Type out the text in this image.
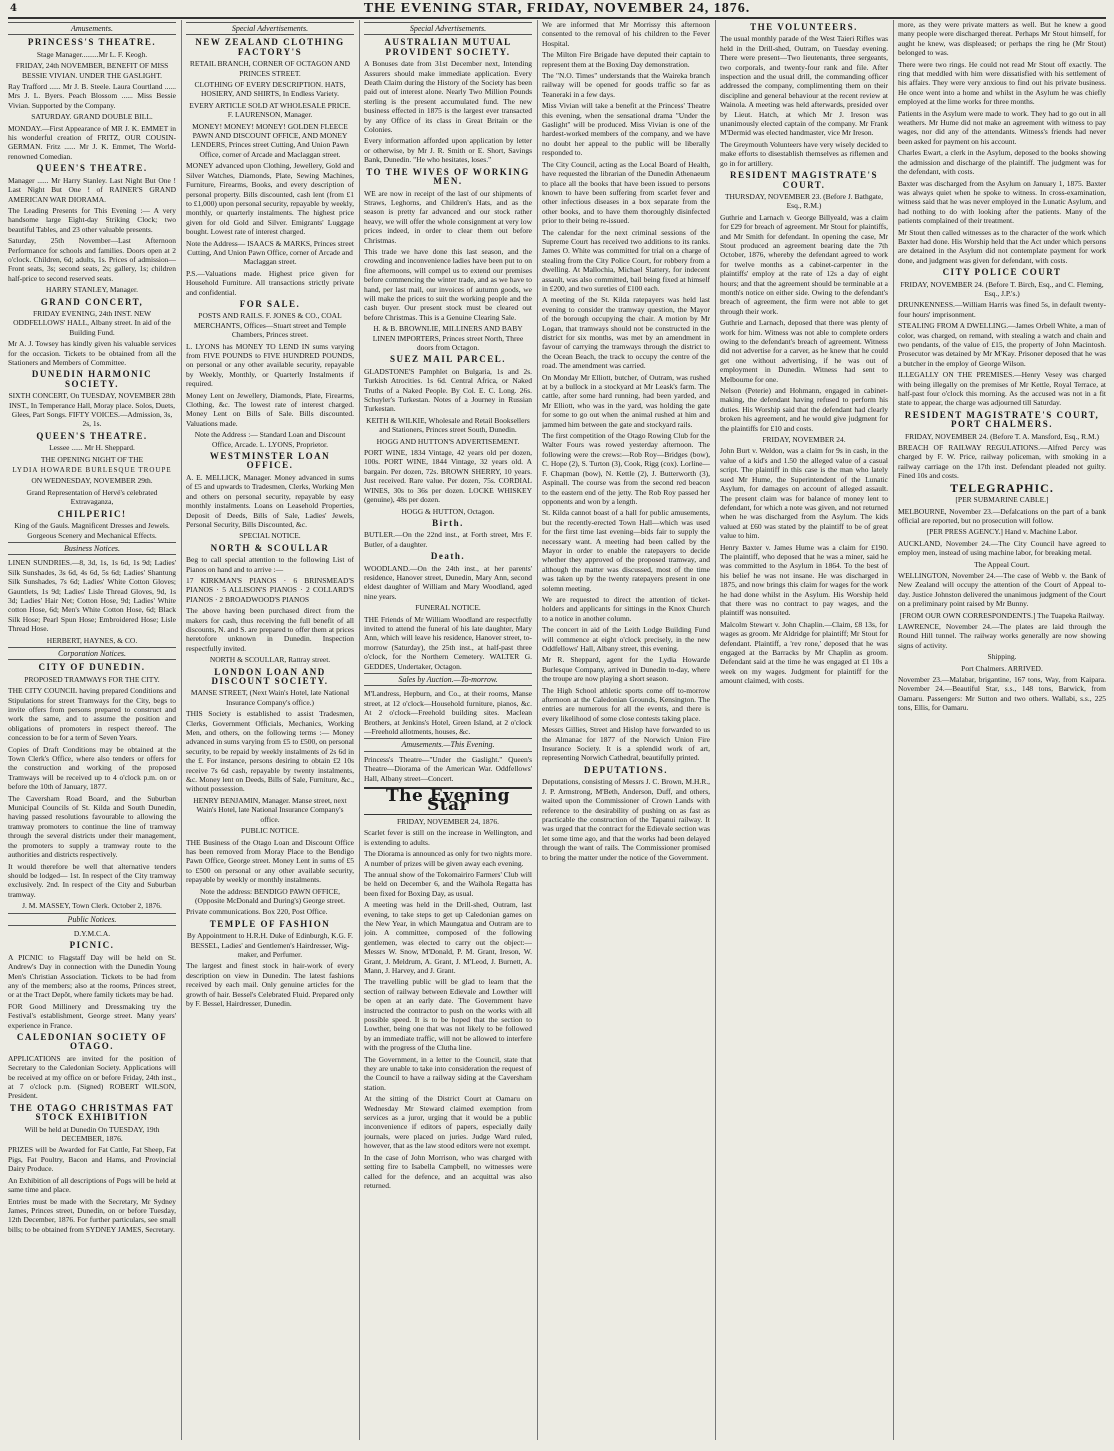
4	THE EVENING STAR, FRIDAY, NOVEMBER 24, 1876.

Amusements.

PRINCESS'S THEATRE.

Stage Manager.........Mr L. F. Keogh.

FRIDAY, 24th NOVEMBER, BENEFIT OF MISS BESSIE VIVIAN. UNDER THE GASLIGHT.

Ray Trafford ...... Mr J. B. Steele. Laura Courtland ...... Mrs J. L. Byers. Peach Blossom ...... Miss Bessie Vivian. Supported by the Company.

SATURDAY. GRAND DOUBLE BILL.

MONDAY.—First Appearance of MR J. K. EMMET in his wonderful creation of FRITZ, OUR COUSIN-GERMAN. Fritz ...... Mr J. K. Emmet, The World-renowned Comedian.

QUEEN'S THEATRE.

Manager ...... Mr Harry Stanley. Last Night But One ! Last Night But One ! of RAINER'S GRAND AMERICAN WAR DIORAMA.

The Leading Presents for This Evening :— A very handsome large Eight-day Striking Clock; two beautiful Tables, and 23 other valuable presents.

Saturday, 25th November—Last Afternoon Performance for schools and families. Doors open at 2 o'clock. Children, 6d; adults, 1s. Prices of admission—Front seats, 3s; second seats, 2s; gallery, 1s; children half-price to second reserved seats.

HARRY STANLEY, Manager.

GRAND CONCERT,

FRIDAY EVENING, 24th INST. NEW ODDFELLOWS' HALL, Albany street. In aid of the Building Fund.

Mr A. J. Towsey has kindly given his valuable services for the occasion. Tickets to be obtained from all the Stationers and Members of Committee.

DUNEDIN HARMONIC SOCIETY.

SIXTH CONCERT, On TUESDAY, NOVEMBER 28th INST., In Temperance Hall, Moray place. Solos, Duets, Glees, Part Songs. FIFTY VOICES.—Admission, 3s, 2s, 1s.

QUEEN'S THEATRE.

Lessee ...... Mr H. Sheppard.

THE OPENING NIGHT OF THE

LYDIA HOWARDE BURLESQUE TROUPE

ON WEDNESDAY, NOVEMBER 29th.

Grand Representation of Hervé's celebrated Extravaganza,

CHILPERIC!

King of the Gauls. Magnificent Dresses and Jewels. Gorgeous Scenery and Mechanical Effects.

Business Notices.

LINEN SUNDRIES.—8, 3d, 1s, 1s 6d, 1s 9d; Ladies' Silk Sunshades, 3s 6d, 4s 6d, 5s 6d; Ladies' Shantung Silk Sunshades, 7s 6d; Ladies' White Cotton Gloves; Gauntlets, 1s 9d; Ladies' Lisle Thread Gloves, 9d, 1s 3d; Ladies' Hair Net; Cotton Hose, 9d; Ladies' White cotton Hose, 6d; Men's White Cotton Hose, 6d; Black Silk Hose; Pearl Spun Hose; Embroidered Hose; Lisle Thread Hose.

HERBERT, HAYNES, & CO.

Corporation Notices.

CITY OF DUNEDIN.

PROPOSED TRAMWAYS FOR THE CITY.

THE CITY COUNCIL having prepared Conditions and Stipulations for street Tramways for the City, begs to invite offers from persons prepared to construct and work the same, and to assume the position and obligations of promoters in respect thereof. The concession to be for a term of Seven Years.

Copies of Draft Conditions may be obtained at the Town Clerk's Office, where also tenders or offers for the construction and working of the proposed Tramways will be received up to 4 o'clock p.m. on or before the 10th of January, 1877.

The Caversham Road Board, and the Suburban Municipal Councils of St. Kilda and South Dunedin, having passed resolutions favourable to allowing the tramway promoters to continue the line of tramway through the several districts under their management, the promoters to supply a tramway route to the authorities and districts respectively.

It would therefore be well that alternative tenders should be lodged— 1st. In respect of the City tramway exclusively. 2nd. In respect of the City and Suburban tramway.

J. M. MASSEY, Town Clerk. October 2, 1876.

Public Notices.

D.Y.M.C.A.

PICNIC.

A PICNIC to Flagstaff Day will be held on St. Andrew's Day in connection with the Dunedin Young Men's Christian Association. Tickets to be had from any of the members; also at the rooms, Princes street, or at the Tract Depôt, where family tickets may be had.

FOR Good Millinery and Dressmaking try the Festival's establishment, George street. Many years' experience in France.

CALEDONIAN SOCIETY OF OTAGO.

APPLICATIONS are invited for the position of Secretary to the Caledonian Society. Applications will be received at my office on or before Friday, 24th inst., at 7 o'clock p.m. (Signed) ROBERT WILSON, President.

THE OTAGO CHRISTMAS FAT STOCK EXHIBITION

Will be held at Dunedin On TUESDAY, 19th DECEMBER, 1876.

PRIZES will be Awarded for Fat Cattle, Fat Sheep, Fat Pigs, Fat Poultry, Bacon and Hams, and Provincial Dairy Produce.

An Exhibition of all descriptions of Pogs will be held at same time and place.

Entries must be made with the Secretary, Mr Sydney James, Princes street, Dunedin, on or before Tuesday, 12th December, 1876. For further particulars, see small bills; to be obtained from SYDNEY JAMES, Secretary.

Special Advertisements.

NEW ZEALAND CLOTHING FACTORY'S

RETAIL BRANCH, CORNER OF OCTAGON AND PRINCES STREET.

CLOTHING OF EVERY DESCRIPTION. HATS, HOSIERY, AND SHIRTS, In Endless Variety.

EVERY ARTICLE SOLD AT WHOLESALE PRICE. F. LAURENSON, Manager.

MONEY! MONEY! MONEY! GOLDEN FLEECE PAWN AND DISCOUNT OFFICE, AND MONEY LENDERS, Princes street Cutting, And Union Pawn Office, corner of Arcade and Maclaggan street.

MONEY advanced upon Clothing, Jewellery, Gold and Silver Watches, Diamonds, Plate, Sewing Machines, Furniture, Firearms, Books, and every description of personal property. Bills discounted, cash lent (from £1 to £1,000) upon personal security, repayable by weekly, monthly, or quarterly instalments. The highest price given for old Gold and Silver. Emigrants' Luggage bought. Lowest rate of interest charged.

Note the Address— ISAACS & MARKS, Princes street Cutting, And Union Pawn Office, corner of Arcade and Maclaggan street.

P.S.—Valuations made. Highest price given for Household Furniture. All transactions strictly private and confidential.

FOR SALE.

POSTS AND RAILS. F. JONES & CO., COAL MERCHANTS, Offices—Stuart street and Temple Chambers, Princes street.

L. LYONS has MONEY TO LEND IN sums varying from FIVE POUNDS to FIVE HUNDRED POUNDS, on personal or any other available security, repayable by Weekly, Monthly, or Quarterly Instalments if required.

Money Lent on Jewellery, Diamonds, Plate, Firearms, Clothing, &c. The lowest rate of interest charged. Money Lent on Bills of Sale. Bills discounted. Valuations made.

Note the Address :— Standard Loan and Discount Office, Arcade. L. LYONS, Proprietor.

WESTMINSTER LOAN OFFICE.

A. E. MELLICK, Manager. Money advanced in sums of £5 and upwards to Tradesmen, Clerks, Working Men and others on personal security, repayable by easy monthly instalments. Loans on Leasehold Properties, Deposit of Deeds, Bills of Sale, Ladies' Jewels, Personal Security, Bills Discounted, &c.

SPECIAL NOTICE.

NORTH & SCOULLAR

Beg to call special attention to the following List of Pianos on hand and to arrive :—

17 KIRKMAN'S PIANOS · 6 BRINSMEAD'S PIANOS · 5 ALLISON'S PIANOS · 2 COLLARD'S PIANOS · 2 BROADWOOD'S PIANOS

The above having been purchased direct from the makers for cash, thus receiving the full benefit of all discounts, N. and S. are prepared to offer them at prices heretofore unknown in Dunedin. Inspection respectfully invited.

NORTH & SCOULLAR, Rattray street.

LONDON LOAN AND DISCOUNT SOCIETY.

MANSE STREET, (Next Wain's Hotel, late National Insurance Company's office.)

THIS Society is established to assist Tradesmen, Clerks, Government Officials, Mechanics, Working Men, and others, on the following terms :— Money advanced in sums varying from £5 to £500, on personal security, to be repaid by weekly instalments of 2s 6d in the £. For instance, persons desiring to obtain £2 10s receive 7s 6d cash, repayable by twenty instalments, &c. Money lent on Deeds, Bills of Sale, Furniture, &c., without possession.

HENRY BENJAMIN, Manager. Manse street, next Wain's Hotel, late National Insurance Company's office.

PUBLIC NOTICE.

THE Business of the Otago Loan and Discount Office has been removed from Moray Place to the Bendigo Pawn Office, George street. Money Lent in sums of £5 to £500 on personal or any other available security, repayable by weekly or monthly instalments.

Note the address: BENDIGO PAWN OFFICE, (Opposite McDonald and During's) George street.

Private communications. Box 220, Post Office.

TEMPLE OF FASHION

By Appointment to H.R.H. Duke of Edinburgh, K.G. F. BESSEL, Ladies' and Gentlemen's Hairdresser, Wig-maker, and Perfumer.

The largest and finest stock in hair-work of every description on view in Dunedin. The latest fashions received by each mail. Only genuine articles for the growth of hair. Bessel's Celebrated Fluid. Prepared only by F. Bessel, Hairdresser, Dunedin.

Special Advertisements.

AUSTRALIAN MUTUAL PROVIDENT SOCIETY.

A Bonuses date from 31st December next, Intending Assurers should make immediate application. Every Death Claim during the History of the Society has been paid out of interest alone. Nearly Two Million Pounds sterling is the present accumulated fund. The new business effected in 1875 is the largest ever transacted by any Office of its class in Great Britain or the Colonies.

Every information afforded upon application by letter or otherwise, by Mr J. R. Smith or E. Short, Savings Bank, Dunedin. "He who hesitates, loses."

TO THE WIVES OF WORKING MEN.

WE are now in receipt of the last of our shipments of Straws, Leghorns, and Children's Hats, and as the season is pretty far advanced and our stock rather heavy, we will offer the whole consignment at very low prices indeed, in order to clear them out before Christmas.

This trade we have done this last season, and the crowding and inconvenience ladies have been put to on fine afternoons, will compel us to extend our premises before commencing the winter trade, and as we have to hand, per last mail, our invoices of autumn goods, we will make the prices to suit the working people and the cash buyer. Our present stock must be cleared out before Christmas. This is a Genuine Clearing Sale.

H. & B. BROWNLIE, MILLINERS AND BABY LINEN IMPORTERS, Princes street North, Three doors from Octagon.

SUEZ MAIL PARCEL.

GLADSTONE'S Pamphlet on Bulgaria, 1s and 2s. Turkish Atrocities. 1s 6d. Central Africa, or Naked Truths of a Naked People. By Col. E. C. Long. 26s. Schuyler's Turkestan. Notes of a Journey in Russian Turkestan.

KEITH & WILKIE, Wholesale and Retail Booksellers and Stationers, Princes street South, Dunedin.

HOGG AND HUTTON'S ADVERTISEMENT.

PORT WINE, 1834 Vintage, 42 years old per dozen, 100s. PORT WINE, 1844 Vintage, 32 years old. A bargain. Per dozen, 72s. BROWN SHERRY, 10 years. Just received. Rare value. Per dozen, 75s. CORDIAL WINES, 30s to 36s per dozen. LOCKE WHISKEY (genuine), 48s per dozen.

HOGG & HUTTON, Octagon.

Birth.

BUTLER.—On the 22nd inst., at Forth street, Mrs F. Butler, of a daughter.

Death.

WOODLAND.—On the 24th inst., at her parents' residence, Hanover street, Dunedin, Mary Ann, second eldest daughter of William and Mary Woodland, aged nine years.

FUNERAL NOTICE.

THE Friends of Mr William Woodland are respectfully invited to attend the funeral of his late daughter, Mary Ann, which will leave his residence, Hanover street, to-morrow (Saturday), the 25th inst., at half-past three o'clock, for the Northern Cemetery. WALTER G. GEDDES, Undertaker, Octagon.

Sales by Auction.—To-morrow.

M'Landress, Hepburn, and Co., at their rooms, Manse street, at 12 o'clock—Household furniture, pianos, &c. At 2 o'clock—Freehold building sites. Maclean Brothers, at Jenkins's Hotel, Green Island, at 2 o'clock—Freehold allotments, houses, &c.

Amusements.—This Evening.

Princess's Theatre—"Under the Gaslight." Queen's Theatre—Diorama of the American War. Oddfellows' Hall, Albany street—Concert.

The Evening Star

FRIDAY, NOVEMBER 24, 1876.

Scarlet fever is still on the increase in Wellington, and is extending to adults.

The Diorama is announced as only for two nights more. A number of prizes will be given away each evening.

The annual show of the Tokomairiro Farmers' Club will be held on December 6, and the Waihola Regatta has been fixed for Boxing Day, as usual.

A meeting was held in the Drill-shed, Outram, last evening, to take steps to get up Caledonian games on the New Year, in which Maungatua and Outram are to join. A committee, composed of the following gentlemen, was elected to carry out the object:—Messrs W. Snow, M'Donald, P. M. Grant, Ireson, W. Grant, J. Meldrum, A. Grant, J. M'Leod, J. Burnett, A. Mann, J. Harvey, and J. Grant.

The travelling public will be glad to learn that the section of railway between Edievale and Lowther will be open at an early date. The Government have instructed the contractor to push on the works with all possible speed. It is to be hoped that the section to Lowther, being one that was not likely to be followed by an immediate traffic, will not be allowed to interfere with the progress of the Clutha line.

The Government, in a letter to the Council, state that they are unable to take into consideration the request of the Council to have a railway siding at the Caversham station.

At the sitting of the District Court at Oamaru on Wednesday Mr Steward claimed exemption from services as a juror, urging that it would be a public inconvenience if editors of papers, especially daily journals, were placed on juries. Judge Ward ruled, however, that as the law stood editors were not exempt.

In the case of John Morrison, who was charged with setting fire to Isabella Campbell, no witnesses were called for the defence, and an acquittal was also returned.

We are informed that Mr Morrissy this afternoon consented to the removal of his children to the Fever Hospital.

The Milton Fire Brigade have deputed their captain to represent them at the Boxing Day demonstration.

The "N.O. Times" understands that the Waireka branch railway will be opened for goods traffic so far as Teaneraki in a few days.

Miss Vivian will take a benefit at the Princess' Theatre this evening, when the sensational drama "Under the Gaslight" will be produced. Miss Vivian is one of the hardest-worked members of the company, and we have no doubt her appeal to the public will be liberally responded to.

The City Council, acting as the Local Board of Health, have requested the librarian of the Dunedin Athenaeum to place all the books that have been issued to persons known to have been suffering from scarlet fever and other infectious diseases in a box separate from the other books, and to have them thoroughly disinfected prior to their being re-issued.

The calendar for the next criminal sessions of the Supreme Court has received two additions to its ranks. James O. White was committed for trial on a charge of stealing from the City Police Court, for robbery from a dwelling. At Mallochia, Michael Slattery, for indecent assault, was also committed, bail being fixed at himself in £200, and two sureties of £100 each.

A meeting of the St. Kilda ratepayers was held last evening to consider the tramway question, the Mayor of the borough occupying the chair. A motion by Mr Logan, that tramways should not be constructed in the district for six months, was met by an amendment in favour of carrying the tramways through the district to the Ocean Beach, the track to occupy the centre of the road. The amendment was carried.

On Monday Mr Elliott, butcher, of Outram, was rushed at by a bullock in a stockyard at Mr Leask's farm. The cattle, after some hard running, had been yarded, and Mr Elliott, who was in the yard, was holding the gate for some to go out when the animal rushed at him and jammed him between the gate and stockyard rails.

The first competition of the Otago Rowing Club for the Walter Fours was rowed yesterday afternoon. The following were the crews:—Rob Roy—Bridges (bow), C. Hope (2), S. Turton (3), Cook, Rigg (cox). Lorline—F. Chapman (bow), N. Kettle (2), J. Butterworth (3), Aspinall. The course was from the second red beacon to the eastern end of the jetty. The Rob Roy passed her opponents and won by a length.

St. Kilda cannot boast of a hall for public amusements, but the recently-erected Town Hall—which was used for the first time last evening—bids fair to supply the necessary want. A meeting had been called by the Mayor in order to enable the ratepayers to decide whether they approved of the proposed tramway, and although the matter was discussed, most of the time was taken up by the twenty ratepayers present in one solemn meeting.

We are requested to direct the attention of ticket-holders and applicants for sittings in the Knox Church to a notice in another column.

The concert in aid of the Leith Lodge Building Fund will commence at eight o'clock precisely, in the new Oddfellows' Hall, Albany street, this evening.

Mr R. Sheppard, agent for the Lydia Howarde Burlesque Company, arrived in Dunedin to-day, where the troupe are now playing a short season.

The High School athletic sports come off to-morrow afternoon at the Caledonian Grounds, Kensington. The entries are numerous for all the events, and there is every likelihood of some close contests taking place.

Messrs Gillies, Street and Hislop have forwarded to us the Almanac for 1877 of the Norwich Union Fire Insurance Society. It is a splendid work of art, representing Norwich Cathedral, beautifully printed.

DEPUTATIONS.

Deputations, consisting of Messrs J. C. Brown, M.H.R., J. P. Armstrong, M'Beth, Anderson, Duff, and others, waited upon the Commissioner of Crown Lands with reference to the desirability of pushing on as fast as practicable the construction of the Tapanui railway. It was urged that the contract for the Edievale section was let some time ago, and that the works had been delayed through the want of rails. The Commissioner promised to bring the matter under the notice of the Government.

THE VOLUNTEERS.

The usual monthly parade of the West Taieri Rifles was held in the Drill-shed, Outram, on Tuesday evening. There were present—Two lieutenants, three sergeants, two corporals, and twenty-four rank and file. After inspection and the usual drill, the commanding officer addressed the company, complimenting them on their discipline and general behaviour at the recent review at Wainola. A meeting was held afterwards, presided over by Lieut. Hatch, at which Mr J. Ireson was unanimously elected captain of the company. Mr Frank M'Dermid was elected handmaster, vice Mr Ireson.

The Greymouth Volunteers have very wisely decided to make efforts to disestablish themselves as riflemen and go in for artillery.

RESIDENT MAGISTRATE'S COURT.

THURSDAY, NOVEMBER 23. (Before J. Bathgate, Esq., R.M.)

Guthrie and Larnach v. George Billyeald, was a claim for £29 for breach of agreement. Mr Stout for plaintiffs, and Mr Smith for defendant. In opening the case, Mr Stout produced an agreement bearing date the 7th October, 1876, whereby the defendant agreed to work for twelve months as a cabinet-carpenter in the plaintiffs' employ at the rate of 12s a day of eight hours; and that the agreement should be terminable at a month's notice on either side. Owing to the defendant's breach of agreement, the firm were not able to get through their work.

Guthrie and Larnach, deposed that there was plenty of work for him. Witness was not able to complete orders owing to the defendant's breach of agreement. Witness did not advertise for a carver, as he knew that he could get one without advertising, if he was out of employment in Dunedin. Witness had sent to Melbourne for one.

Nelson (Peterie) and Hohmann, engaged in cabinet-making, the defendant having refused to perform his duties. His Worship said that the defendant had clearly broken his agreement, and he would give judgment for the plaintiffs for £10 and costs.

FRIDAY, NOVEMBER 24.

John Burt v. Weldon, was a claim for 9s in cash, in the value of a kid's and 1.50 the alleged value of a casual script. The plaintiff in this case is the man who lately sued Mr Hume, the Superintendent of the Lunatic Asylum, for damages on account of alleged assault. The present claim was for balance of money lent to defendant, for which a note was given, and not returned when he was discharged from the Asylum. The kids valued at £60 was stated by the plaintiff to be of great value to him.

Henry Baxter v. James Hume was a claim for £190. The plaintiff, who deposed that he was a miner, said he was committed to the Asylum in 1864. To the best of his belief he was not insane. He was discharged in 1875, and now brings this claim for wages for the work he had done whilst in the Asylum. His Worship held that there was no contract to pay wages, and the plaintiff was nonsuited.

Malcolm Stewart v. John Chaplin.—Claim, £8 13s, for wages as groom. Mr Aldridge for plaintiff; Mr Stout for defendant. Plaintiff, a 'rev rone,' deposed that he was engaged at the Barracks by Mr Chaplin as groom. Defendant said at the time he was engaged at £1 10s a week on my wages. Judgment for plaintiff for the amount claimed, with costs.

more, as they were private matters as well. But he knew a good many people were discharged thereat. Perhaps Mr Stout himself, for aught he knew, was displeased; or perhaps the ring he (Mr Stout) belonged to was.

There were two rings. He could not read Mr Stout off exactly. The ring that meddled with him were dissatisfied with his settlement of his affairs. They were very anxious to find out his private business. He once went into a home and whilst in the Asylum he was chiefly employed at the lime works for three months.

Patients in the Asylum were made to work. They had to go out in all weathers. Mr Hume did not make an agreement with witness to pay wages, nor did any of the attendants. Witness's friends had never been asked for payment on his account.

Charles Ewart, a clerk in the Asylum, deposed to the books showing the admission and discharge of the plaintiff. The judgment was for the defendant, with costs.

Baxter was discharged from the Asylum on January 1, 1875. Baxter was always quiet when he spoke to witness. In cross-examination, witness said that he was never employed in the Lunatic Asylum, and had nothing to do with looking after the patients. Many of the patients complained of their treatment.

Mr Stout then called witnesses as to the character of the work which Baxter had done. His Worship held that the Act under which persons are detained in the Asylum did not contemplate payment for work done, and judgment was given for defendant, with costs.

CITY POLICE COURT

FRIDAY, NOVEMBER 24. (Before T. Birch, Esq., and C. Fleming, Esq., J.P.'s.)

DRUNKENNESS.—William Harris was fined 5s, in default twenty-four hours' imprisonment.

STEALING FROM A DWELLING.—James Orbell White, a man of color, was charged, on remand, with stealing a watch and chain and two pendants, of the value of £15, the property of John Macintosh. Prosecutor was detained by Mr M'Kay. Prisoner deposed that he was a butcher in the employ of George Wilson.

ILLEGALLY ON THE PREMISES.—Henry Vesey was charged with being illegally on the premises of Mr Kettle, Royal Terrace, at half-past four o'clock this morning. As the accused was not in a fit state to appear, the charge was adjourned till Saturday.

RESIDENT MAGISTRATE'S COURT, PORT CHALMERS.

FRIDAY, NOVEMBER 24. (Before T. A. Mansford, Esq., R.M.)

BREACH OF RAILWAY REGULATIONS.—Alfred Percy was charged by F. W. Price, railway policeman, with smoking in a railway carriage on the 17th inst. Defendant pleaded not guilty. Fined 10s and costs.

TELEGRAPHIC.

[PER SUBMARINE CABLE.]

MELBOURNE, November 23.—Defalcations on the part of a bank official are reported, but no prosecution will follow.

[PER PRESS AGENCY.] Hand v. Machine Labor.

AUCKLAND, November 24.—The City Council have agreed to employ men, instead of using machine labor, for breaking metal.

The Appeal Court.

WELLINGTON, November 24.—The case of Webb v. the Bank of New Zealand will occupy the attention of the Court of Appeal to-day. Justice Johnston delivered the unanimous judgment of the Court on a preliminary point raised by Mr Bunny.

[FROM OUR OWN CORRESPONDENTS.] The Tuapeka Railway.

LAWRENCE, November 24.—The plates are laid through the Round Hill tunnel. The railway works generally are now showing signs of activity.

Shipping.

Port Chalmers. ARRIVED.

November 23.—Malabar, brigantine, 167 tons, Way, from Kaipara. November 24.—Beautiful Star, s.s., 148 tons, Barwick, from Oamaru. Passengers: Mr Sutton and two others. Wallabi, s.s., 225 tons, Ellis, for Oamaru.
